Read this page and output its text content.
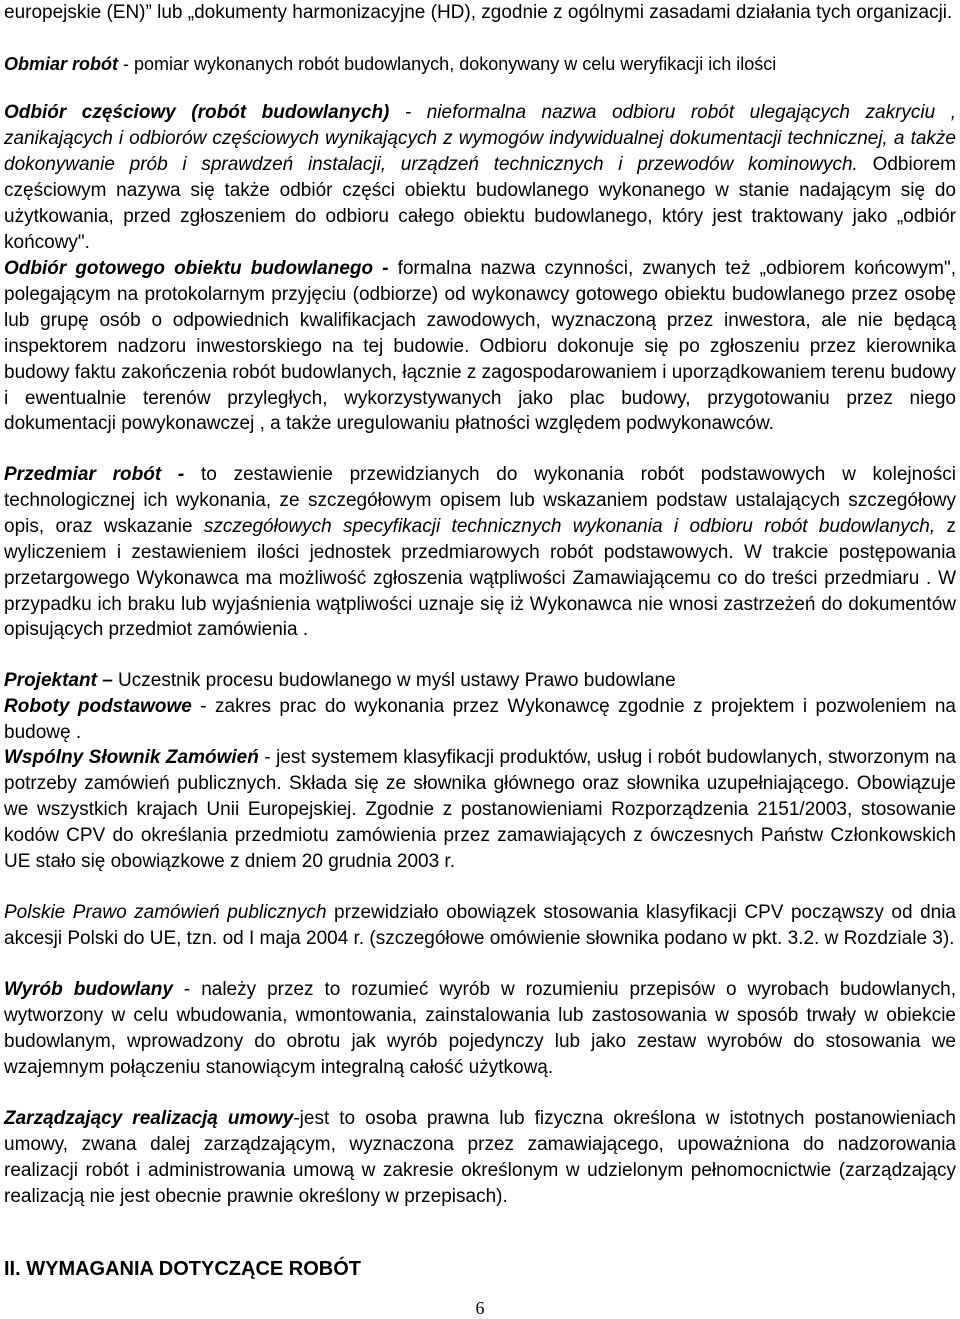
europejskie (EN)” lub „dokumenty harmonizacyjne (HD), zgodnie z ogólnymi zasadami działania tych organizacji.

Obmiar robót - pomiar wykonanych robót budowlanych, dokonywany w celu weryfikacji ich ilości

Odbiór częściowy (robót budowlanych) - nieformalna nazwa odbioru robót ulegających zakryciu , zanikających i odbiorów częściowych wynikających z wymogów indywidualnej dokumentacji technicznej, a także dokonywanie prób i sprawdzeń instalacji, urządzeń technicznych i przewodów kominowych. Odbiorem częściowym nazywa się także odbiór części obiektu budowlanego wykonanego w stanie nadającym się do użytkowania, przed zgłoszeniem do odbioru całego obiektu budowlanego, który jest traktowany jako „odbiór końcowy".

Odbiór gotowego obiektu budowlanego - formalna nazwa czynności, zwanych też „odbiorem końcowym", polegającym na protokolarnym przyjęciu (odbiorze) od wykonawcy gotowego obiektu budowlanego przez osobę lub grupę osób o odpowiednich kwalifikacjach zawodowych, wyznaczoną przez inwestora, ale nie będącą inspektorem nadzoru inwestorskiego na tej budowie. Odbioru dokonuje się po zgłoszeniu przez kierownika budowy faktu zakończenia robót budowlanych, łącznie z zagospodarowaniem i uporządkowaniem terenu budowy i ewentualnie terenów przyległych, wykorzystywanych jako plac budowy, przygotowaniu przez niego dokumentacji powykonawczej , a także uregulowaniu płatności względem podwykonawców.

Przedmiar robót - to zestawienie przewidzianych do wykonania robót podstawowych w kolejności technologicznej ich wykonania, ze szczegółowym opisem lub wskazaniem podstaw ustalających szczegółowy opis, oraz wskazanie szczegółowych specyfikacji technicznych wykonania i odbioru robót budowlanych, z wyliczeniem i zestawieniem ilości jednostek przedmiarowych robót podstawowych. W trakcie postępowania przetargowego Wykonawca ma możliwość zgłoszenia wątpliwości Zamawiającemu co do treści przedmiaru . W przypadku ich braku lub wyjaśnienia wątpliwości uznaje się iż Wykonawca nie wnosi zastrzeżeń do dokumentów opisujących przedmiot zamówienia .

Projektant – Uczestnik procesu budowlanego w myśl ustawy Prawo budowlane

Roboty podstawowe - zakres prac do wykonania przez Wykonawcę zgodnie z projektem i pozwoleniem na budowę .

Wspólny Słownik Zamówień - jest systemem klasyfikacji produktów, usług i robót budowlanych, stworzonym na potrzeby zamówień publicznych. Składa się ze słownika głównego oraz słownika uzupełniającego. Obowiązuje we wszystkich krajach Unii Europejskiej. Zgodnie z postanowieniami Rozporządzenia 2151/2003, stosowanie kodów CPV do określania przedmiotu zamówienia przez zamawiających z ówczesnych Państw Członkowskich UE stało się obowiązkowe z dniem 20 grudnia 2003 r.

Polskie Prawo zamówień publicznych przewidziało obowiązek stosowania klasyfikacji CPV począwszy od dnia akcesji Polski do UE, tzn. od I maja 2004 r. (szczegółowe omówienie słownika podano w pkt. 3.2. w Rozdziale 3).

Wyrób budowlany - należy przez to rozumieć wyrób w rozumieniu przepisów o wyrobach budowlanych, wytworzony w celu wbudowania, wmontowania, zainstalowania lub zastosowania w sposób trwały w obiekcie budowlanym, wprowadzony do obrotu jak wyrób pojedynczy lub jako zestaw wyrobów do stosowania we wzajemnym połączeniu stanowiącym integralną całość użytkową.

Zarządzający realizacją umowy-jest to osoba prawna lub fizyczna określona w istotnych postanowieniach umowy, zwana dalej zarządzającym, wyznaczona przez zamawiającego, upoważniona do nadzorowania realizacji robót i administrowania umową w zakresie określonym w udzielonym pełnomocnictwie (zarządzający realizacją nie jest obecnie prawnie określony w przepisach).

II. WYMAGANIA DOTYCZĄCE ROBÓT
6
